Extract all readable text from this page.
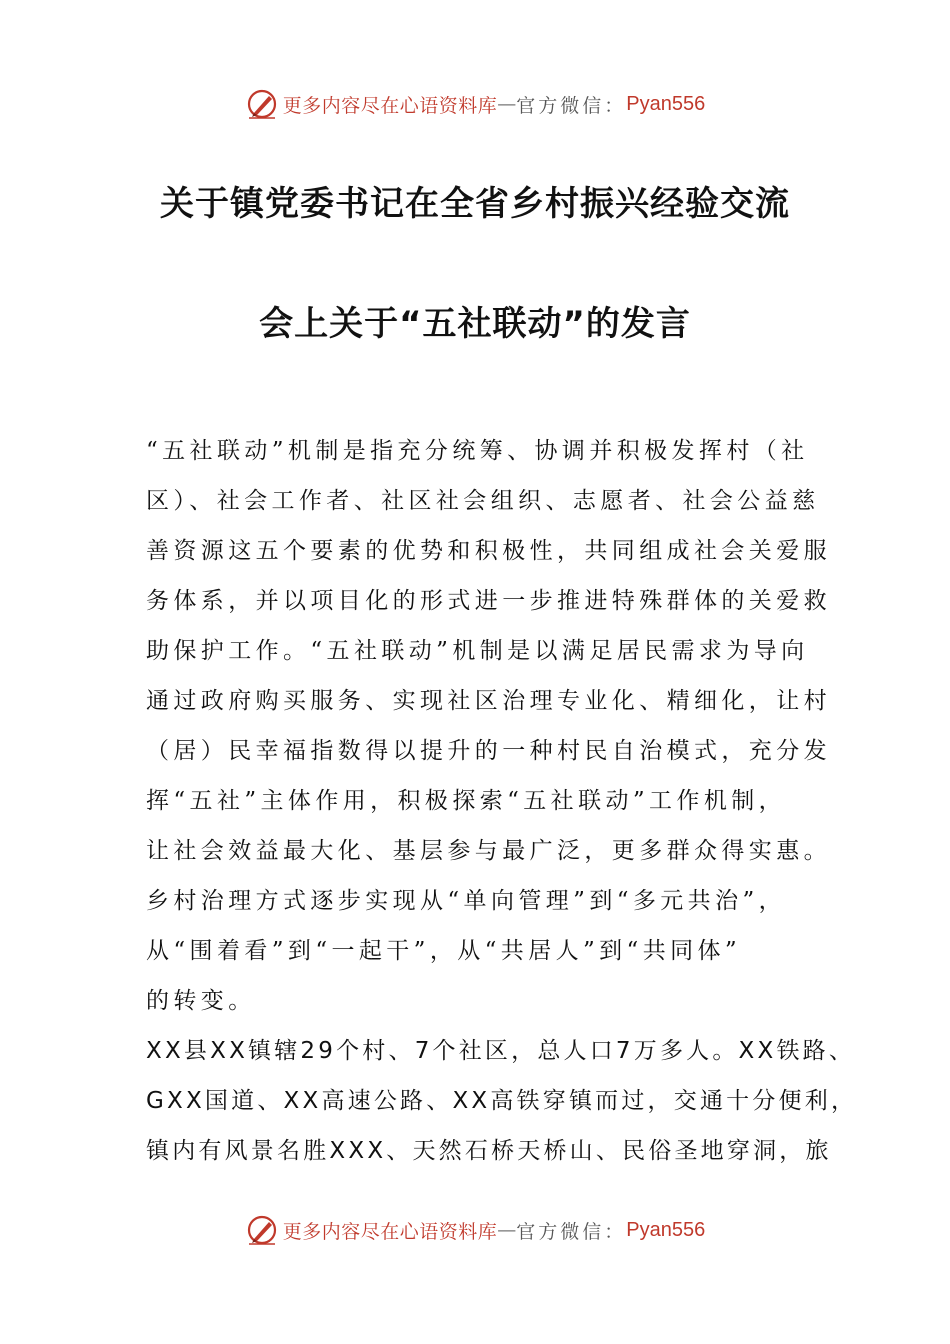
更多内容尽在心语资料库 — 官方微信： Pyan556
关于镇党委书记在全省乡村振兴经验交流
会上关于“五社联动”的发言
“五社联动”机制是指充分统筹、协调并积极发挥村（社
区）、社会工作者、社区社会组织、志愿者、社会公益慈
善资源这五个要素的优势和积极性，共同组成社会关爱服
务体系，并以项目化的形式进一步推进特殊群体的关爱救
助保护工作。“五社联动”机制是以满足居民需求为导向
通过政府购买服务、实现社区治理专业化、精细化，让村
（居）民幸福指数得以提升的一种村民自治模式，充分发
挥“五社”主体作用，积极探索“五社联动”工作机制，
让社会效益最大化、基层参与最广泛，更多群众得实惠。
乡村治理方式逐步实现从“单向管理”到“多元共治”，
从“围着看”到“一起干”，从“共居人”到“共同体”
的转变。
XX县XX镇辖29个村、7个社区，总人口7万多人。XX铁路、
GXX国道、XX高速公路、XX高铁穿镇而过，交通十分便利，
镇内有风景名胜XXX、天然石桥天桥山、民俗圣地穿洞，旅
更多内容尽在心语资料库 — 官方微信： Pyan556
